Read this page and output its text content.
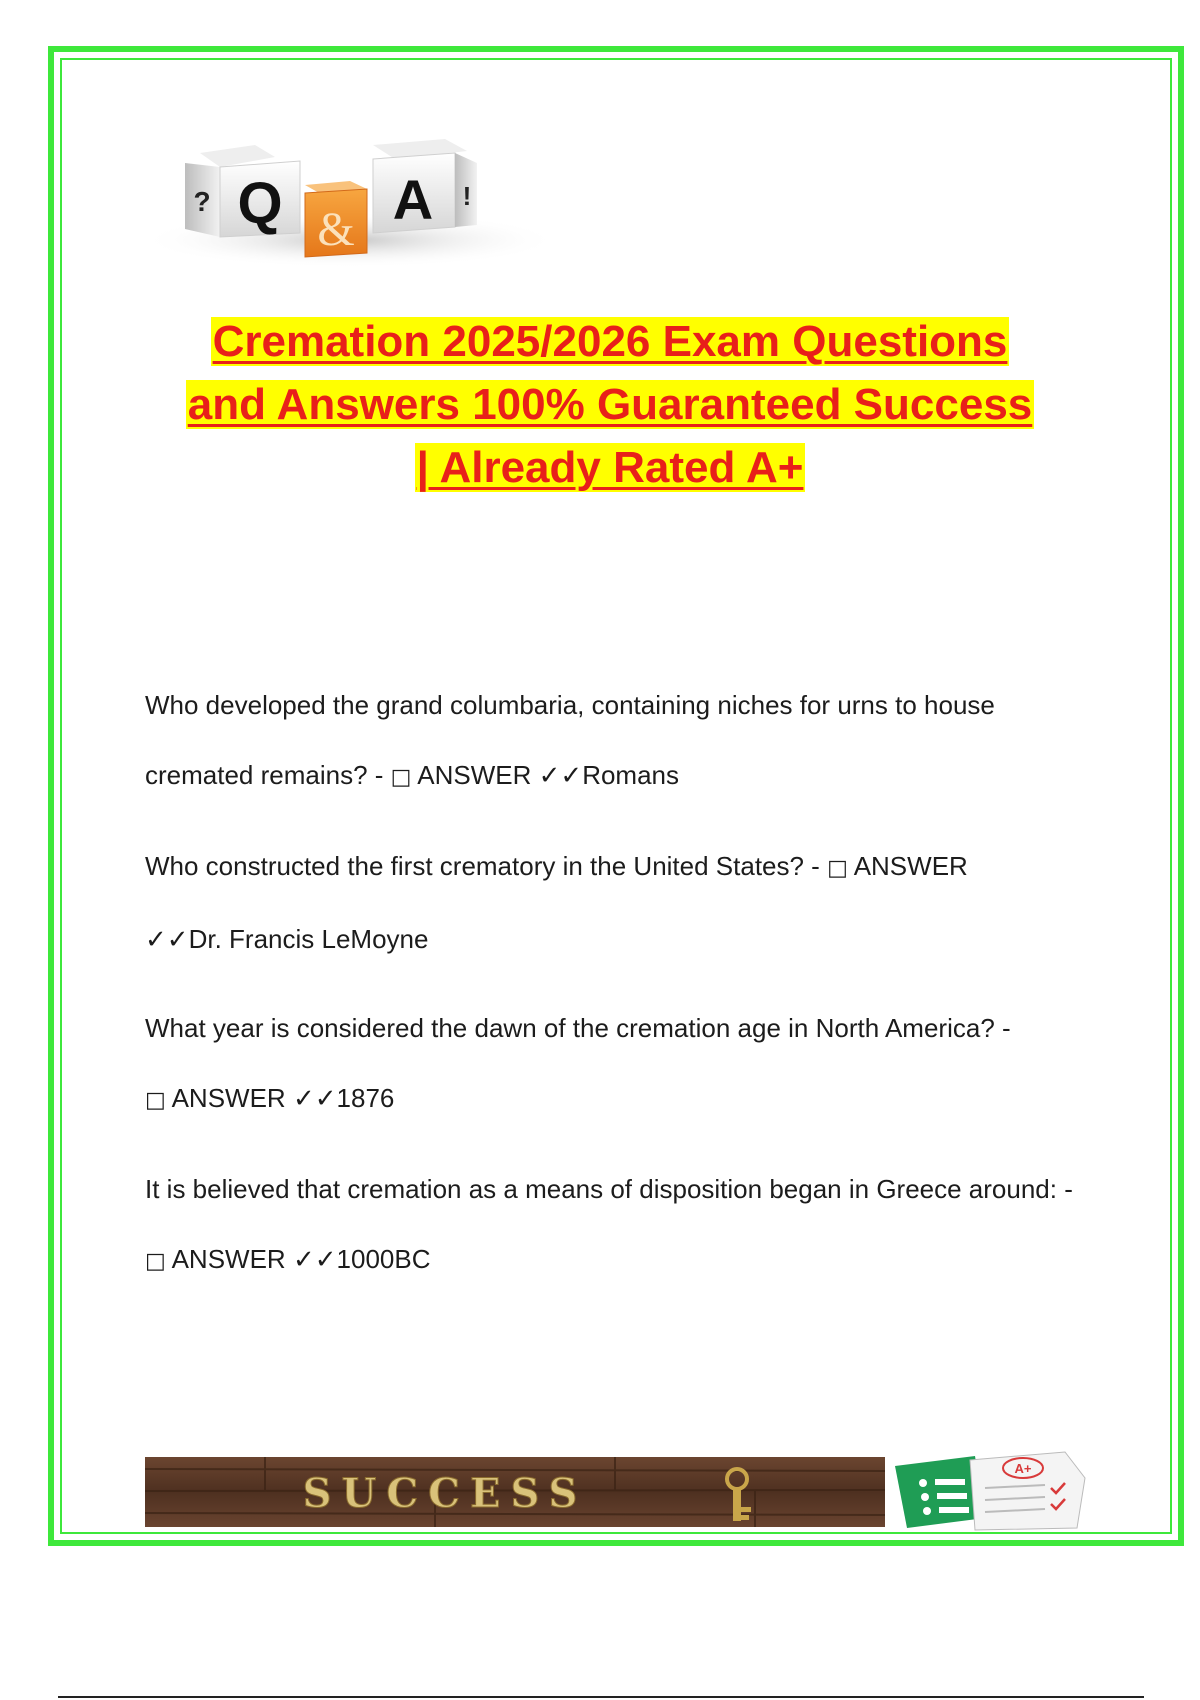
Q
?
& A !
Cremation 2025/2026 Exam Questions
and Answers 100% Guaranteed Success
| Already Rated A+
Who developed the grand columbaria, containing niches for urns to house cremated remains? - □ ANSWER ✓✓Romans
Who constructed the first crematory in the United States? - □ ANSWER
✓✓Dr. Francis LeMoyne
What year is considered the dawn of the cremation age in North America? -
□ ANSWER ✓✓1876
It is believed that cremation as a means of disposition began in Greece around: - □ ANSWER ✓✓1000BC
SUCCESS
A+
